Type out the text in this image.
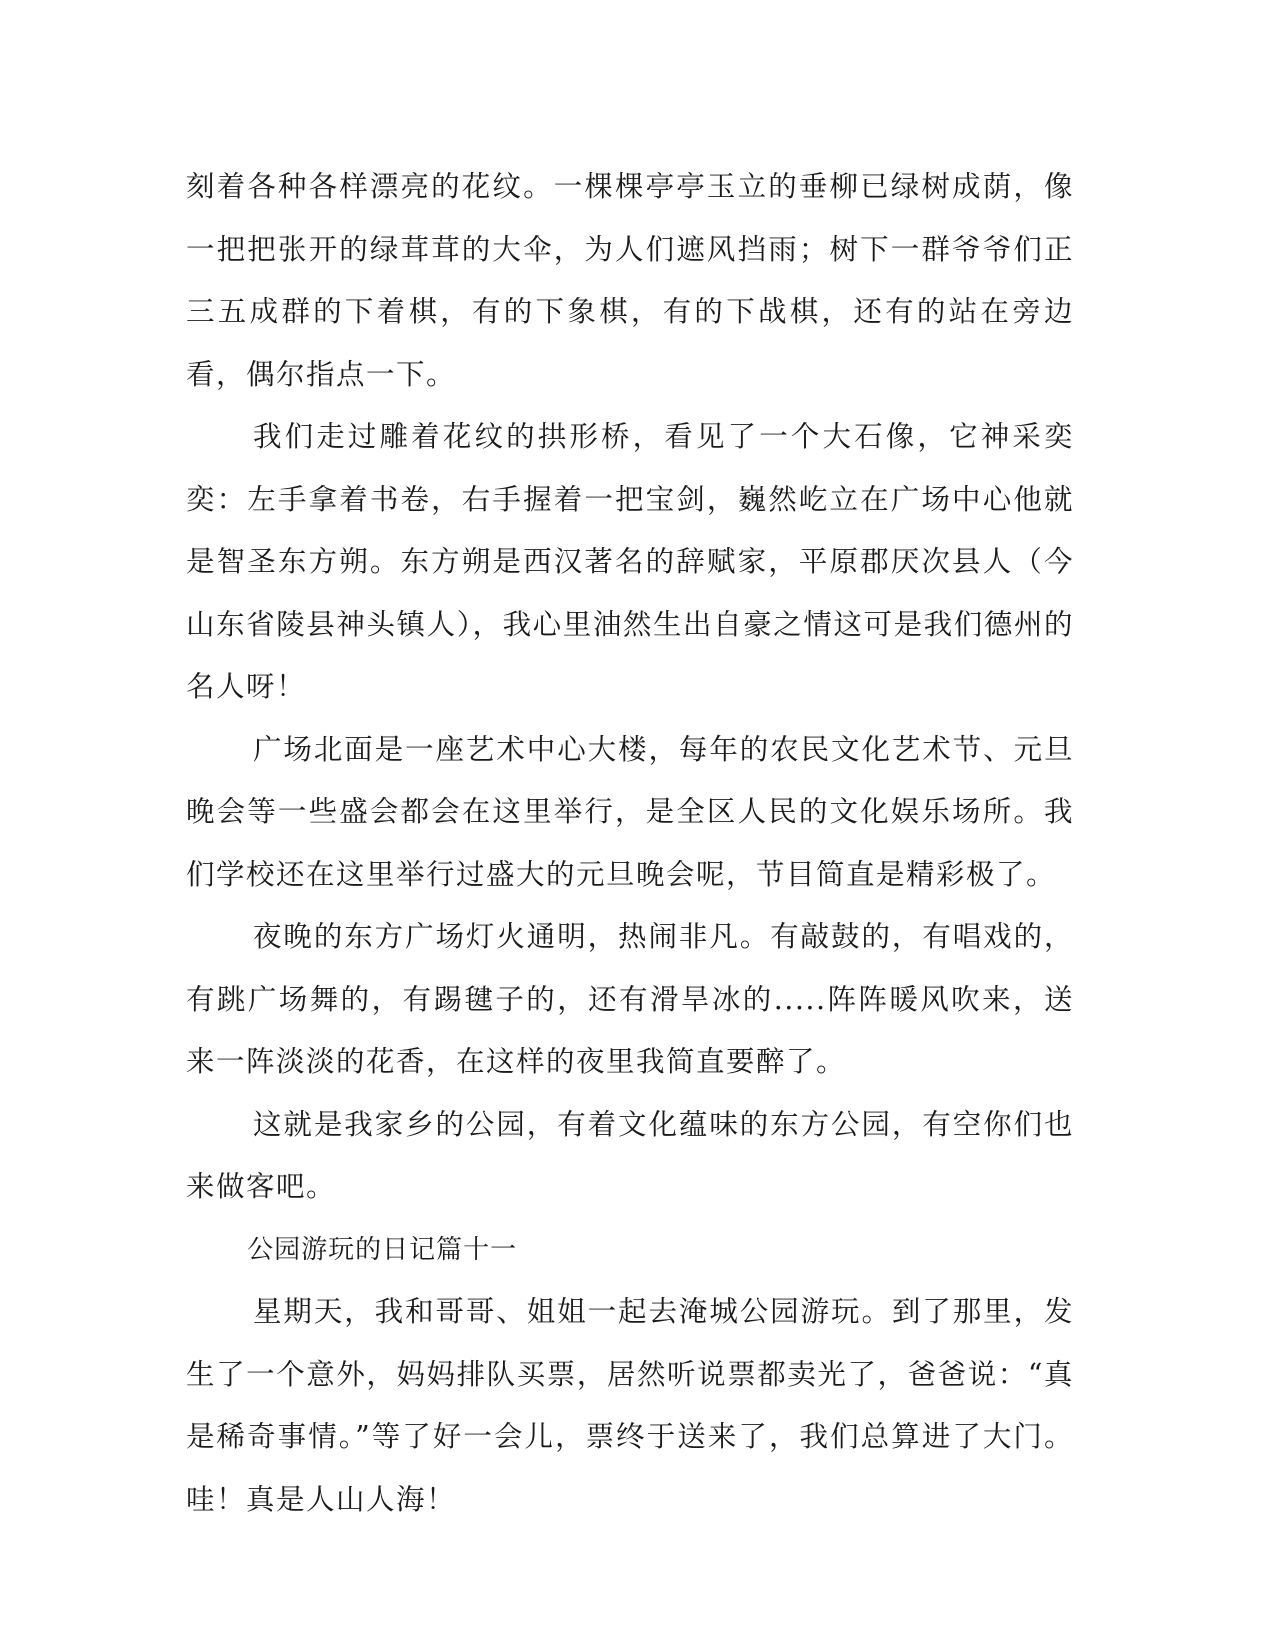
刻着各种各样漂亮的花纹。一棵棵亭亭玉立的垂柳已绿树成荫，像一把把张开的绿茸茸的大伞，为人们遮风挡雨；树下一群爷爷们正三五成群的下着棋，有的下象棋，有的下战棋，还有的站在旁边看，偶尔指点一下。

我们走过雕着花纹的拱形桥，看见了一个大石像，它神采奕奕：左手拿着书卷，右手握着一把宝剑，巍然屹立在广场中心他就是智圣东方朔。东方朔是西汉著名的辞赋家，平原郡厌次县人（今山东省陵县神头镇人），我心里油然生出自豪之情这可是我们德州的名人呀！

广场北面是一座艺术中心大楼，每年的农民文化艺术节、元旦晚会等一些盛会都会在这里举行，是全区人民的文化娱乐场所。我们学校还在这里举行过盛大的元旦晚会呢，节目简直是精彩极了。

夜晚的东方广场灯火通明，热闹非凡。有敲鼓的，有唱戏的，有跳广场舞的，有踢毽子的，还有滑旱冰的.....阵阵暖风吹来，送来一阵淡淡的花香，在这样的夜里我简直要醉了。

这就是我家乡的公园，有着文化蕴味的东方公园，有空你们也来做客吧。

公园游玩的日记篇十一

星期天，我和哥哥、姐姐一起去淹城公园游玩。到了那里，发生了一个意外，妈妈排队买票，居然听说票都卖光了，爸爸说：“真是稀奇事情。”等了好一会儿，票终于送来了，我们总算进了大门。哇！真是人山人海！
